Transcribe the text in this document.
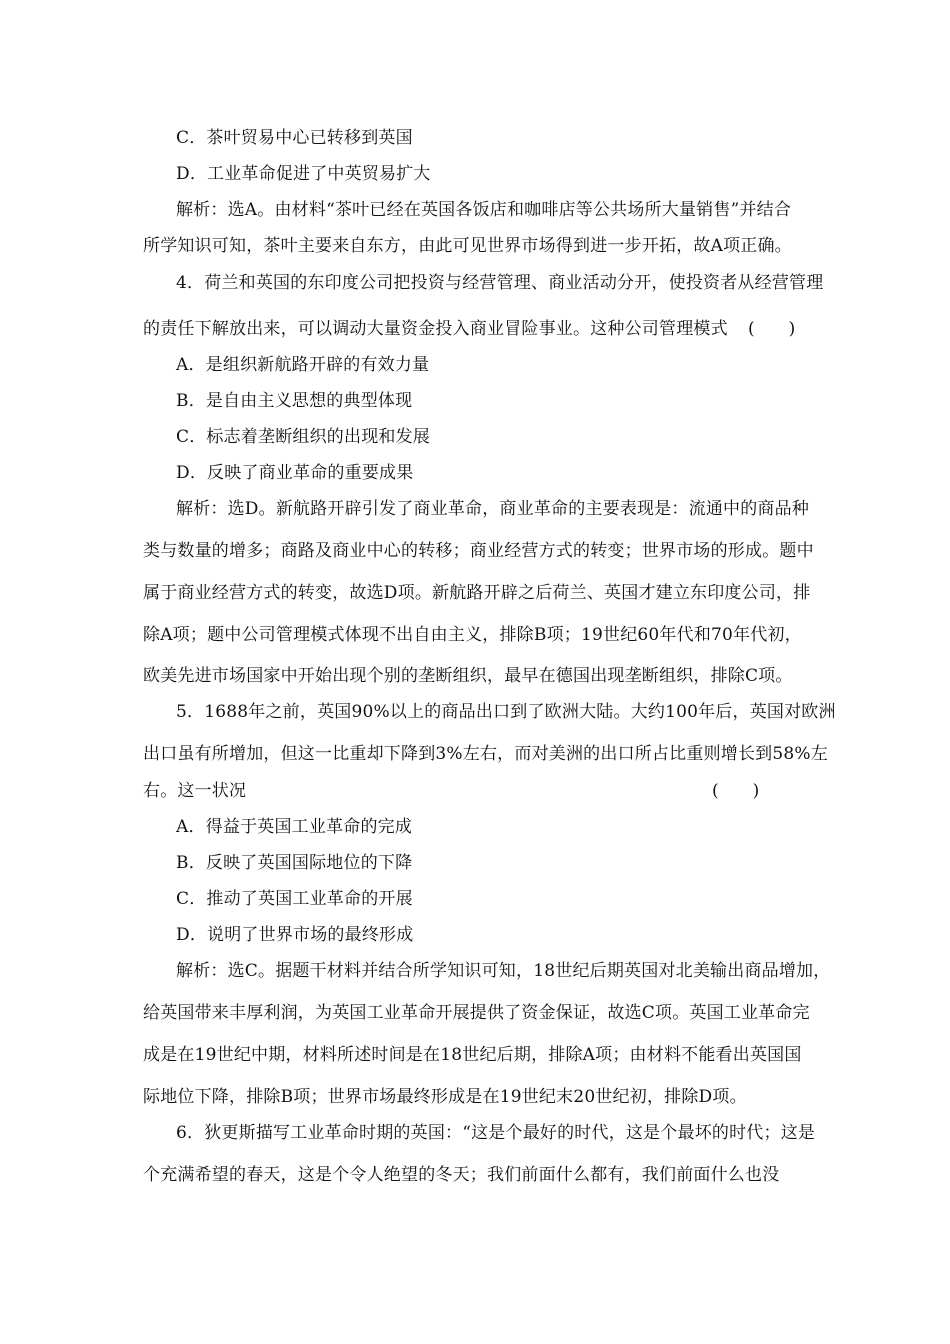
C．茶叶贸易中心已转移到英国
D．工业革命促进了中英贸易扩大
解析：选A。由材料“茶叶已经在英国各饭店和咖啡店等公共场所大量销售”并结合
所学知识可知，茶叶主要来自东方，由此可见世界市场得到进一步开拓，故A项正确。
4．荷兰和英国的东印度公司把投资与经营管理、商业活动分开，使投资者从经营管理
的责任下解放出来，可以调动大量资金投入商业冒险事业。这种公司管理模式 (　　)
A．是组织新航路开辟的有效力量
B．是自由主义思想的典型体现
C．标志着垄断组织的出现和发展
D．反映了商业革命的重要成果
解析：选D。新航路开辟引发了商业革命，商业革命的主要表现是：流通中的商品种
类与数量的增多；商路及商业中心的转移；商业经营方式的转变；世界市场的形成。题中
属于商业经营方式的转变，故选D项。新航路开辟之后荷兰、英国才建立东印度公司，排
除A项；题中公司管理模式体现不出自由主义，排除B项；19世纪60年代和70年代初，
欧美先进市场国家中开始出现个别的垄断组织，最早在德国出现垄断组织，排除C项。
5．1688年之前，英国90%以上的商品出口到了欧洲大陆。大约100年后，英国对欧洲
出口虽有所增加，但这一比重却下降到3%左右，而对美洲的出口所占比重则增长到58%左
右。这一状况	(　　)
A．得益于英国工业革命的完成
B．反映了英国国际地位的下降
C．推动了英国工业革命的开展
D．说明了世界市场的最终形成
解析：选C。据题干材料并结合所学知识可知，18世纪后期英国对北美输出商品增加，
给英国带来丰厚利润，为英国工业革命开展提供了资金保证，故选C项。英国工业革命完
成是在19世纪中期，材料所述时间是在18世纪后期，排除A项；由材料不能看出英国国
际地位下降，排除B项；世界市场最终形成是在19世纪末20世纪初，排除D项。
6．狄更斯描写工业革命时期的英国：“这是个最好的时代，这是个最坏的时代；这是
个充满希望的春天，这是个令人绝望的冬天；我们前面什么都有，我们前面什么也没
